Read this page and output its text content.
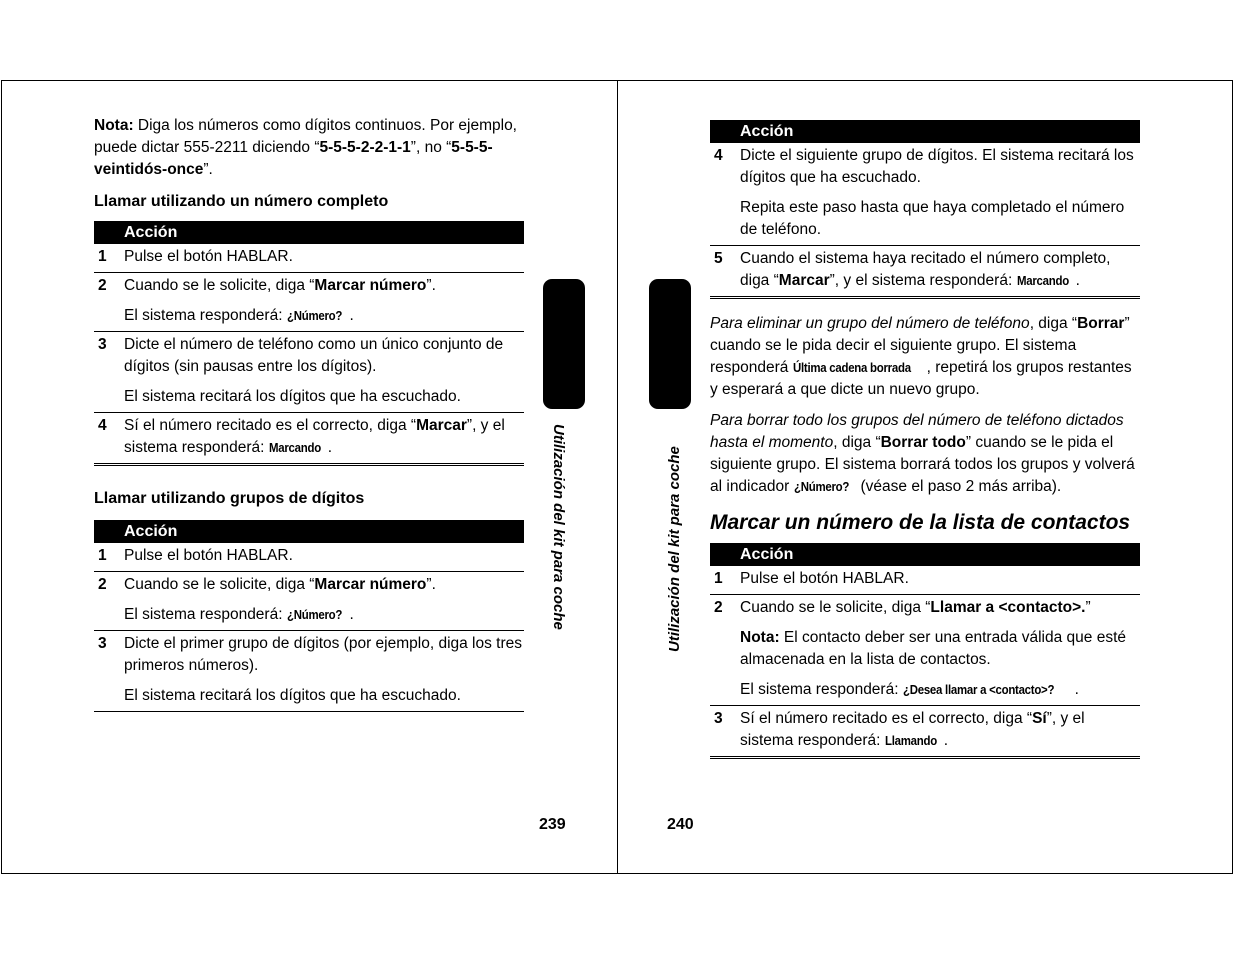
Nota: Diga los números como dígitos continuos. Por ejemplo, puede dictar 555-2211 diciendo “5-5-5-2-2-1-1”, no “5-5-5-veintidós-once”.

Llamar utilizando un número completo

Acción	
1	Pulse el botón HABLAR.
2	Cuando se le solicite, diga “Marcar número”.

El sistema responderá: ¿Número? .

3	Dicte el número de teléfono como un único conjunto de dígitos (sin pausas entre los dígitos).

El sistema recitará los dígitos que ha escuchado.

4	Sí el número recitado es el correcto, diga “Marcar”, y el sistema responderá: Marcando .

Llamar utilizando grupos de dígitos

Acción	
1	Pulse el botón HABLAR.
2	Cuando se le solicite, diga “Marcar número”.

El sistema responderá: ¿Número? .

3	Dicte el primer grupo de dígitos (por ejemplo, diga los tres primeros números).

El sistema recitará los dígitos que ha escuchado.

Utilización del kit para coche
239
Utilización del kit para coche
240
Acción	
4	Dicte el siguiente grupo de dígitos. El sistema recitará los dígitos que ha escuchado.

Repita este paso hasta que haya completado el número de teléfono.

5	Cuando el sistema haya recitado el número completo, diga “Marcar”, y el sistema responderá: Marcando .

Para eliminar un grupo del número de teléfono, diga “Borrar” cuando se le pida decir el siguiente grupo. El sistema responderá Última cadena borrada , repetirá los grupos restantes y esperará a que dicte un nuevo grupo.

Para borrar todo los grupos del número de teléfono dictados hasta el momento, diga “Borrar todo” cuando se le pida el siguiente grupo. El sistema borrará todos los grupos y volverá al indicador ¿Número? (véase el paso 2 más arriba).

Marcar un número de la lista de contactos

Acción	
1	Pulse el botón HABLAR.
2	Cuando se le solicite, diga “Llamar a <contacto>.”

Nota: El contacto deber ser una entrada válida que esté almacenada en la lista de contactos.

El sistema responderá: ¿Desea llamar a <contacto>? .

3	Sí el número recitado es el correcto, diga “Sí”, y el sistema responderá: Llamando .
